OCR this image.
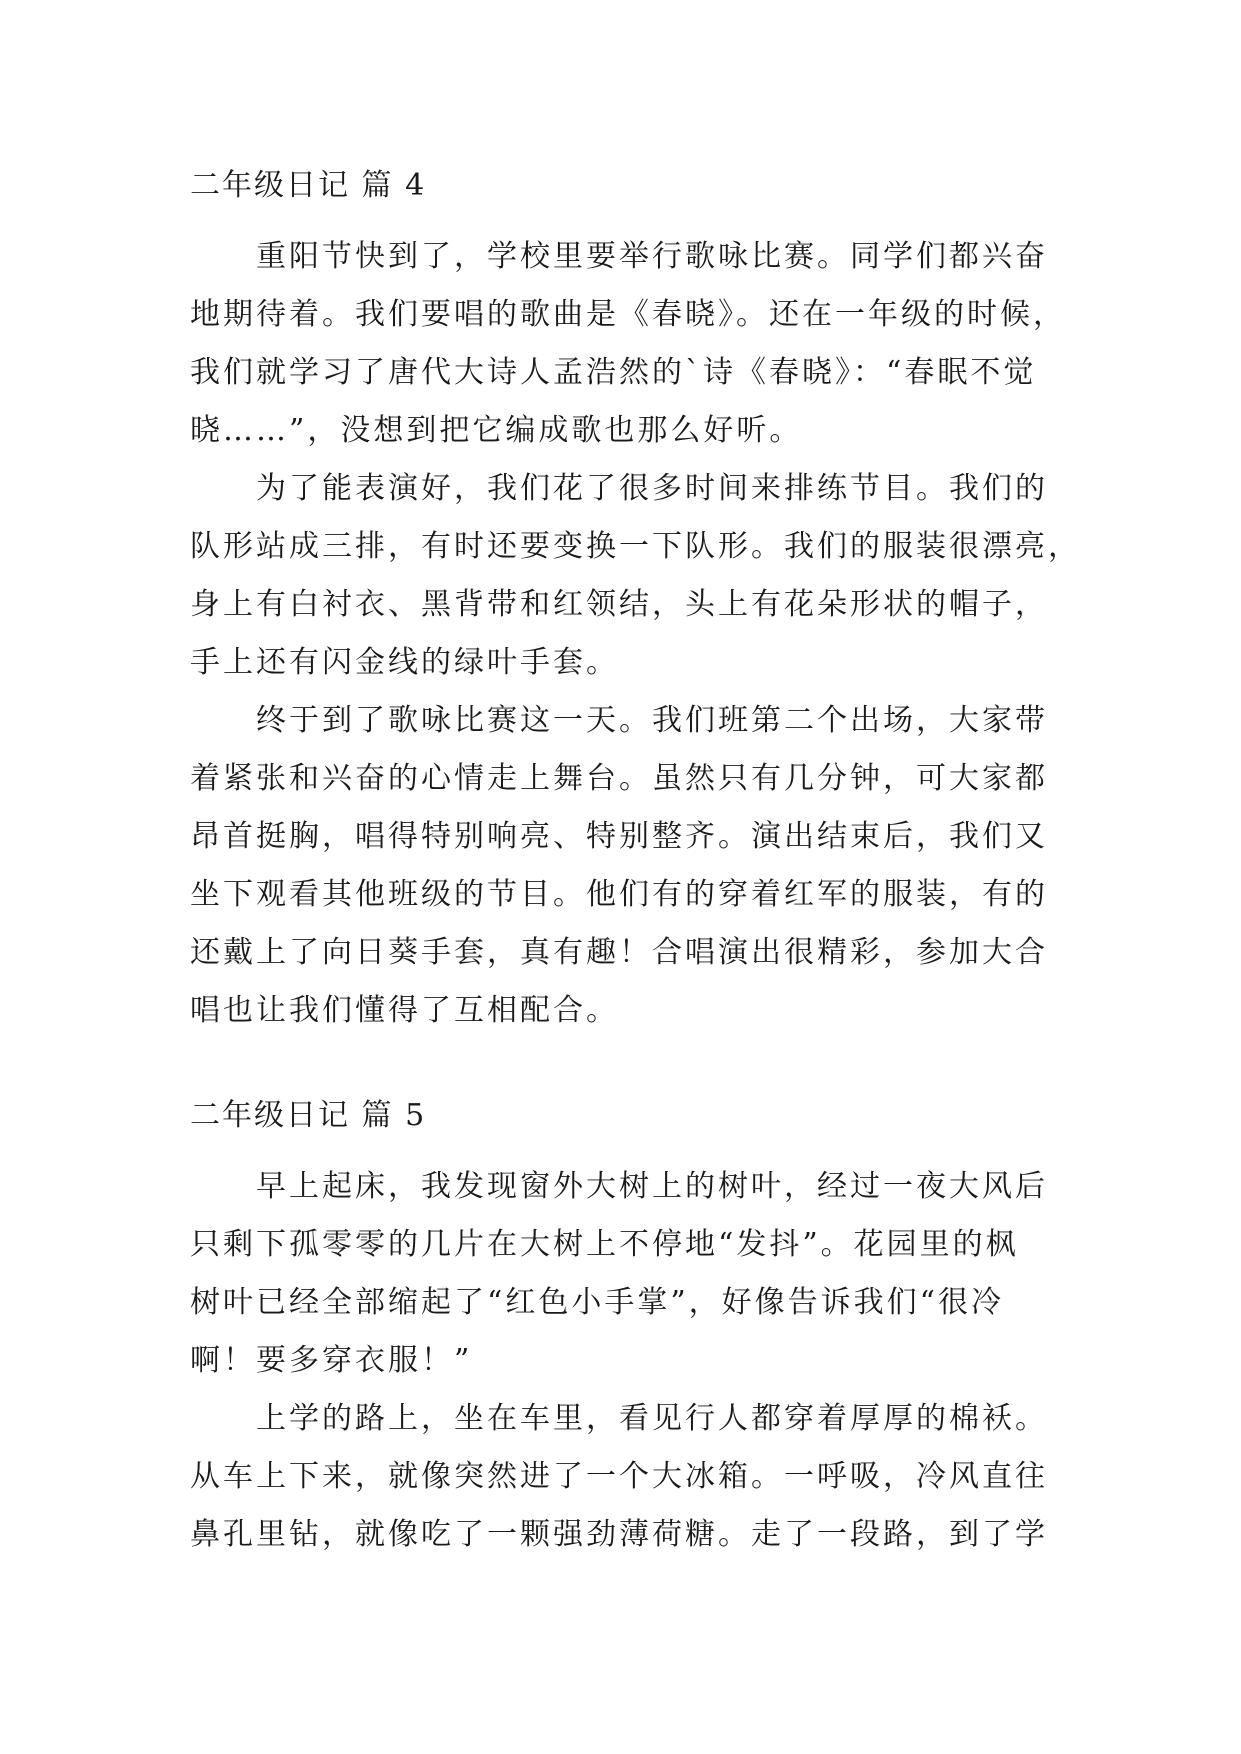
二年级日记 篇 4
重阳节快到了，学校里要举行歌咏比赛。同学们都兴奋
地期待着。我们要唱的歌曲是《春晓》。还在一年级的时候，
我们就学习了唐代大诗人孟浩然的`诗《春晓》：“春眠不觉
晓……”，没想到把它编成歌也那么好听。
为了能表演好，我们花了很多时间来排练节目。我们的
队形站成三排，有时还要变换一下队形。我们的服装很漂亮，
身上有白衬衣、黑背带和红领结，头上有花朵形状的帽子，
手上还有闪金线的绿叶手套。
终于到了歌咏比赛这一天。我们班第二个出场，大家带
着紧张和兴奋的心情走上舞台。虽然只有几分钟，可大家都
昂首挺胸，唱得特别响亮、特别整齐。演出结束后，我们又
坐下观看其他班级的节目。他们有的穿着红军的服装，有的
还戴上了向日葵手套，真有趣！合唱演出很精彩，参加大合
唱也让我们懂得了互相配合。
二年级日记 篇 5
早上起床，我发现窗外大树上的树叶，经过一夜大风后
只剩下孤零零的几片在大树上不停地“发抖”。花园里的枫
树叶已经全部缩起了“红色小手掌”，好像告诉我们“很冷
啊！要多穿衣服！”
上学的路上，坐在车里，看见行人都穿着厚厚的棉袄。
从车上下来，就像突然进了一个大冰箱。一呼吸，冷风直往
鼻孔里钻，就像吃了一颗强劲薄荷糖。走了一段路，到了学
